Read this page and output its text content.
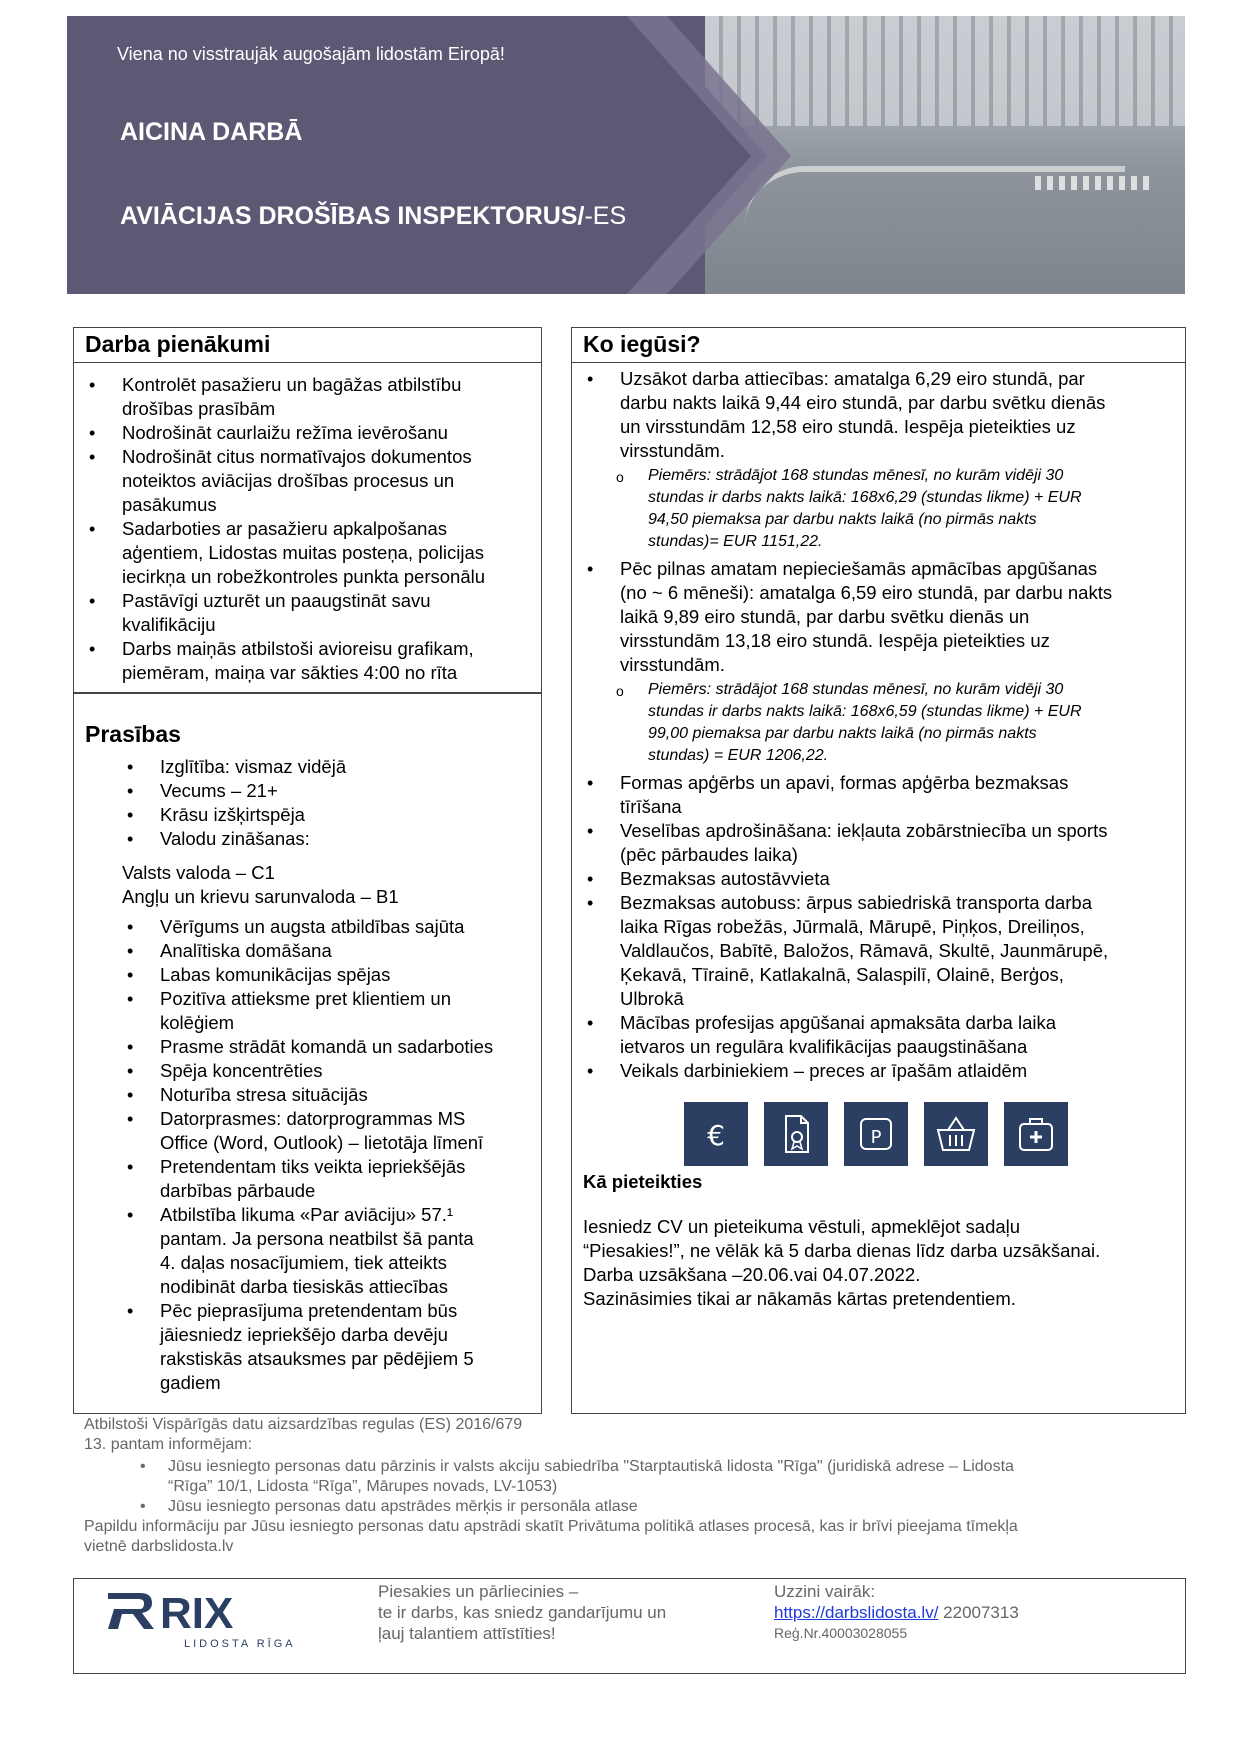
Viena no visstraujāk augošajām lidostām Eiropā!
AICINA DARBĀ
AVIĀCIJAS DROŠĪBAS INSPEKTORUS/-ES
Darba pienākumi
• Kontrolēt pasažieru un bagāžas atbilstību
drošības prasībām
• Nodrošināt caurlaižu režīma ievērošanu
• Nodrošināt citus normatīvajos dokumentos
noteiktos aviācijas drošības procesus un
pasākumus
• Sadarboties ar pasažieru apkalpošanas
aģentiem, Lidostas muitas posteņa, policijas
iecirkņa un robežkontroles punkta personālu
• Pastāvīgi uzturēt un paaugstināt savu
kvalifikāciju
• Darbs maiņās atbilstoši avioreisu grafikam,
piemēram, maiņa var sākties 4:00 no rīta
Prasības
• Izglītība: vismaz vidējā
• Vecums – 21+
• Krāsu izšķirtspēja
• Valodu zināšanas:
Valsts valoda – C1
Angļu un krievu sarunvaloda – B1
• Vērīgums un augsta atbildības sajūta
• Analītiska domāšana
• Labas komunikācijas spējas
• Pozitīva attieksme pret klientiem un
kolēģiem
• Prasme strādāt komandā un sadarboties
• Spēja koncentrēties
• Noturība stresa situācijās
• Datorprasmes: datorprogrammas MS
Office (Word, Outlook) – lietotāja līmenī
• Pretendentam tiks veikta iepriekšējās
darbības pārbaude
• Atbilstība likuma «Par aviāciju» 57.¹
pantam. Ja persona neatbilst šā panta
4. daļas nosacījumiem, tiek atteikts
nodibināt darba tiesiskās attiecības
• Pēc pieprasījuma pretendentam būs
jāiesniedz iepriekšējo darba devēju
rakstiskās atsauksmes par pēdējiem 5
gadiem
Ko iegūsi?
• Uzsākot darba attiecības: amatalga 6,29 eiro stundā, par
darbu nakts laikā 9,44 eiro stundā, par darbu svētku dienās
un virsstundām 12,58 eiro stundā. Iespēja pieteikties uz
virsstundām.
o Piemērs: strādājot 168 stundas mēnesī, no kurām vidēji 30
stundas ir darbs nakts laikā: 168x6,29 (stundas likme) + EUR
94,50 piemaksa par darbu nakts laikā (no pirmās nakts
stundas)= EUR 1151,22.
• Pēc pilnas amatam nepieciešamās apmācības apgūšanas
(no ~ 6 mēneši): amatalga 6,59 eiro stundā, par darbu nakts
laikā 9,89 eiro stundā, par darbu svētku dienās un
virsstundām 13,18 eiro stundā. Iespēja pieteikties uz
virsstundām.
o Piemērs: strādājot 168 stundas mēnesī, no kurām vidēji 30
stundas ir darbs nakts laikā: 168x6,59 (stundas likme) + EUR
99,00 piemaksa par darbu nakts laikā (no pirmās nakts
stundas) = EUR 1206,22.
• Formas apģērbs un apavi, formas apģērba bezmaksas
tīrīšana
• Veselības apdrošināšana: iekļauta zobārstniecība un sports
(pēc pārbaudes laika)
• Bezmaksas autostāvvieta
• Bezmaksas autobuss: ārpus sabiedriskā transporta darba
laika Rīgas robežās, Jūrmalā, Mārupē, Piņķos, Dreiliņos,
Valdlaučos, Babītē, Baložos, Rāmavā, Skultē, Jaunmārupē,
Ķekavā, Tīrainē, Katlakalnā, Salaspilī, Olainē, Berģos,
Ulbrokā
• Mācības profesijas apgūšanai apmaksāta darba laika
ietvaros un regulāra kvalifikācijas paaugstināšana
• Veikals darbiniekiem – preces ar īpašām atlaidēm
Kā pieteikties
Iesniedz CV un pieteikuma vēstuli, apmeklējot sadaļu
“Piesakies!”, ne vēlāk kā 5 darba dienas līdz darba uzsākšanai.
Darba uzsākšana –20.06.vai 04.07.2022.
Sazināsimies tikai ar nākamās kārtas pretendentiem.
€	P
Atbilstoši Vispārīgās datu aizsardzības regulas (ES) 2016/679
13. pantam informējam:
• Jūsu iesniegto personas datu pārzinis ir valsts akciju sabiedrība "Starptautiskā lidosta "Rīga" (juridiskā adrese – Lidosta
“Rīga” 10/1, Lidosta “Rīga”, Mārupes novads, LV-1053)
• Jūsu iesniegto personas datu apstrādes mērķis ir personāla atlase
Papildu informāciju par Jūsu iesniegto personas datu apstrādi skatīt Privātuma politikā atlases procesā, kas ir brīvi pieejama tīmekļa
vietnē darbslidosta.lv
RIX
LIDOSTA RĪGA
Piesakies un pārliecinies –
te ir darbs, kas sniedz gandarījumu un
ļauj talantiem attīstīties!
Uzzini vairāk:
https://darbslidosta.lv/ 22007313
Reģ.Nr.40003028055
